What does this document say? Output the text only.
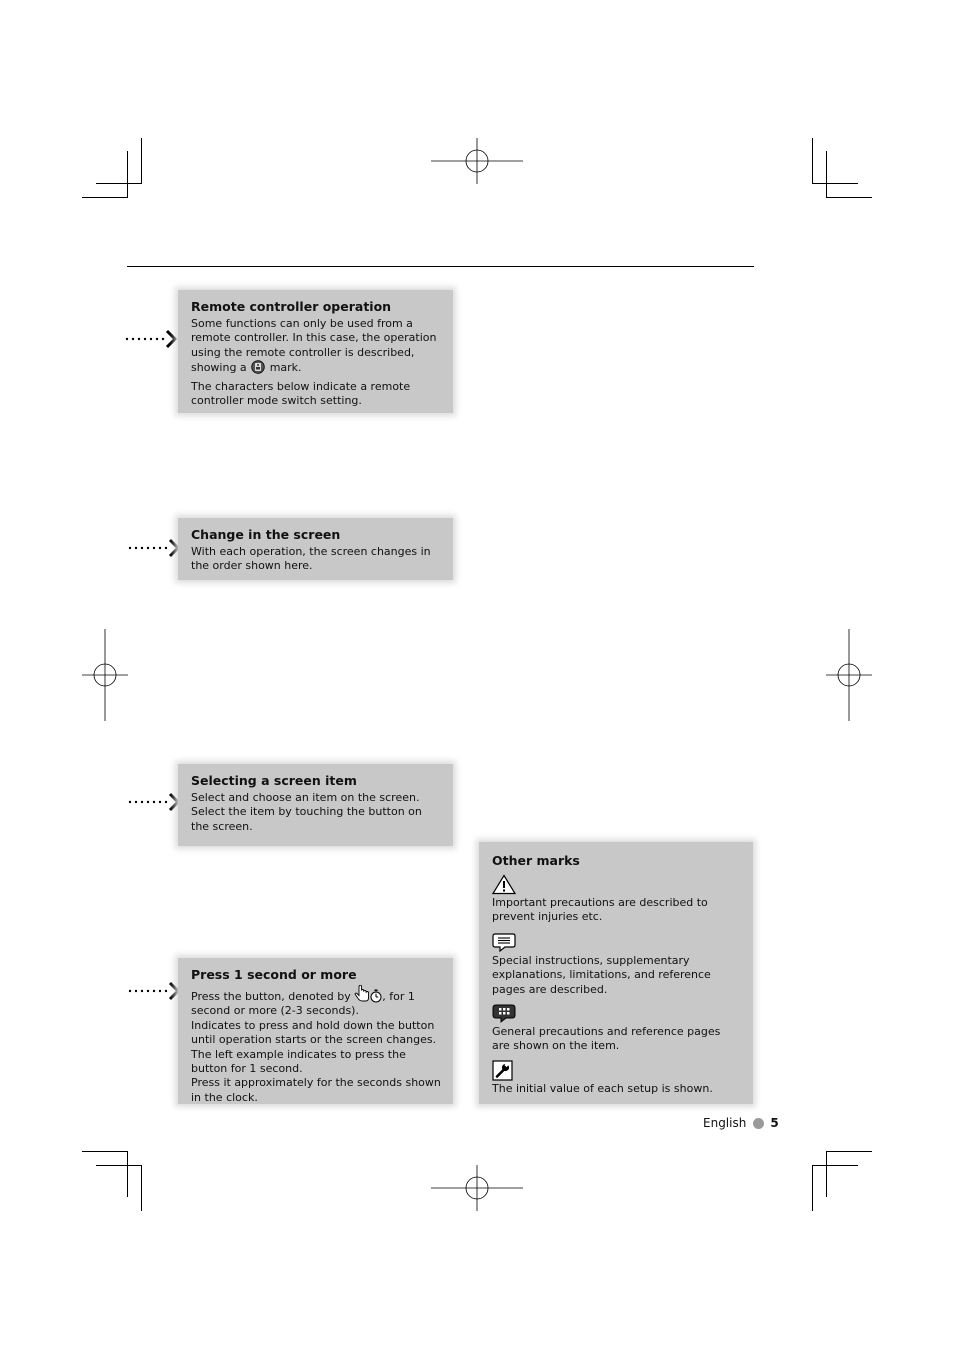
Remote controller operation

Some functions can only be used from a remote controller. In this case, the operation using the remote controller is described, showing a mark.

The characters below indicate a remote controller mode switch setting.

Change in the screen

With each operation, the screen changes in the order shown here.

Selecting a screen item

Select and choose an item on the screen. Select the item by touching the button on the screen.

Press 1 second or more

Press the button, denoted by	, for 1 second or more (2-3 seconds).
Indicates to press and hold down the button until operation starts or the screen changes.
The left example indicates to press the button for 1 second.
Press it approximately for the seconds shown in the clock.

Other marks

Important precautions are described to prevent injuries etc.

Special instructions, supplementary explanations, limitations, and reference pages are described.

General precautions and reference pages are shown on the item.

The initial value of each setup is shown.

English 5
